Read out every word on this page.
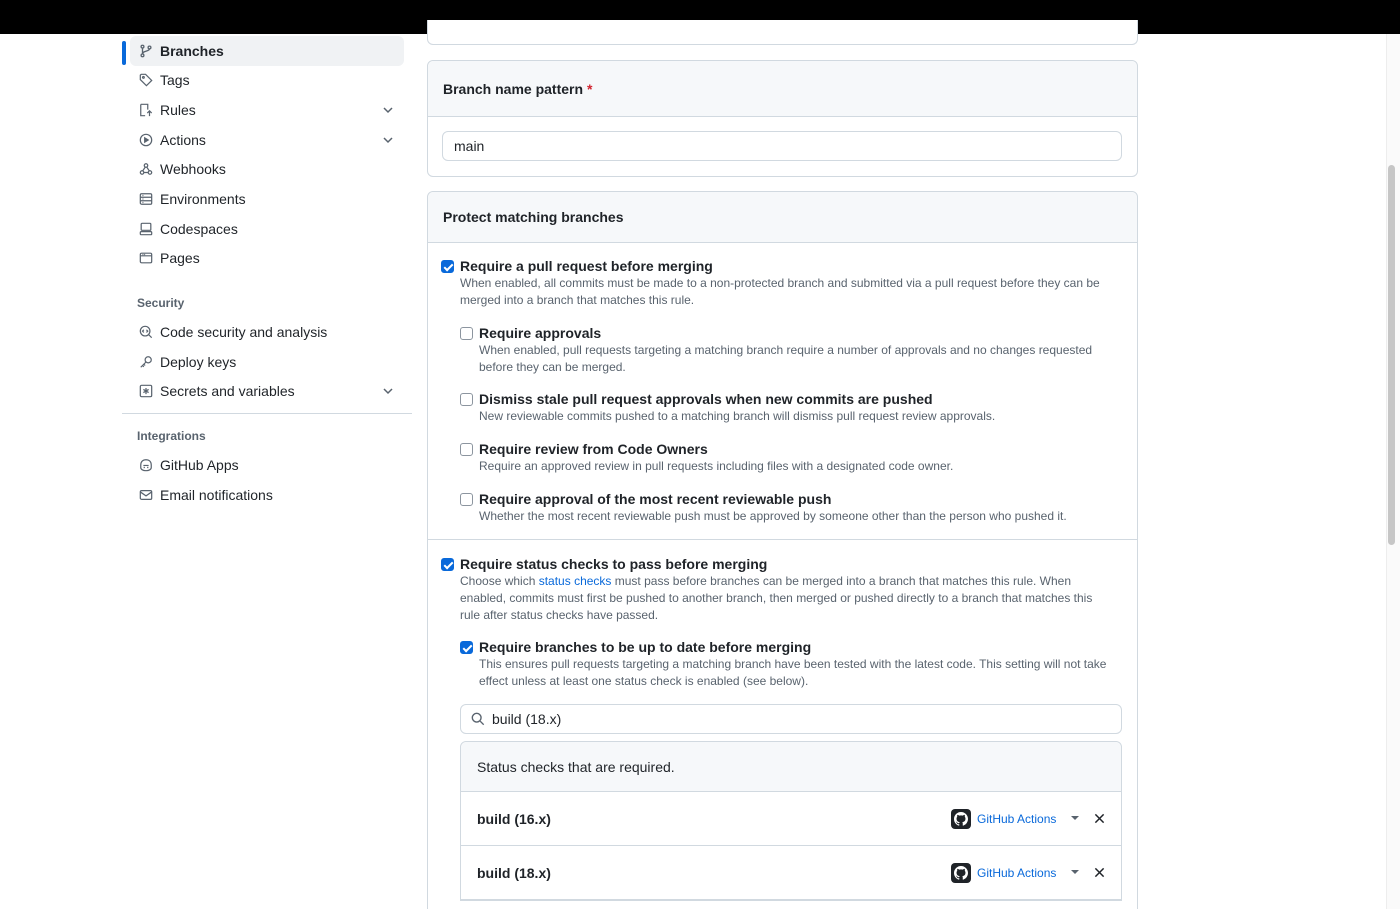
Branches
Tags
Rules
Actions
Webhooks
Environments
Codespaces
Pages
Security
Code security and analysis
Deploy keys
Secrets and variables
Integrations
GitHub Apps
Email notifications
Branch name pattern *
main
Protect matching branches
Require a pull request before merging
When enabled, all commits must be made to a non-protected branch and submitted via a pull request before they can be merged into a branch that matches this rule.
Require approvals
When enabled, pull requests targeting a matching branch require a number of approvals and no changes requested before they can be merged.
Dismiss stale pull request approvals when new commits are pushed
New reviewable commits pushed to a matching branch will dismiss pull request review approvals.
Require review from Code Owners
Require an approved review in pull requests including files with a designated code owner.
Require approval of the most recent reviewable push
Whether the most recent reviewable push must be approved by someone other than the person who pushed it.
Require status checks to pass before merging
Choose which status checks must pass before branches can be merged into a branch that matches this rule. When enabled, commits must first be pushed to another branch, then merged or pushed directly to a branch that matches this rule after status checks have passed.
Require branches to be up to date before merging
This ensures pull requests targeting a matching branch have been tested with the latest code. This setting will not take effect unless at least one status check is enabled (see below).
build (18.x)
Status checks that are required.
build (16.x)	GitHub Actions
build (18.x)	GitHub Actions
